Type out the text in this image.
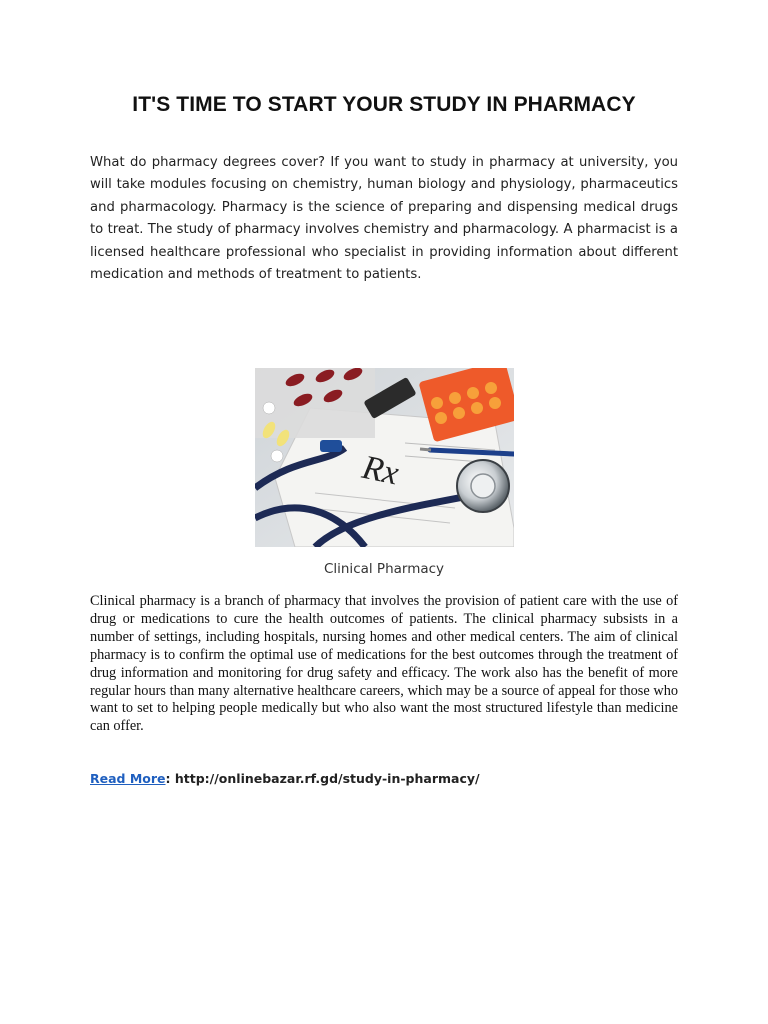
IT'S TIME TO START YOUR STUDY IN PHARMACY

What do pharmacy degrees cover? If you want to study in pharmacy at university, you will take modules focusing on chemistry, human biology and physiology, pharmaceutics and pharmacology. Pharmacy is the science of preparing and dispensing medical drugs to treat. The study of pharmacy involves chemistry and pharmacology. A pharmacist is a licensed healthcare professional who specialist in providing information about different medication and methods of treatment to patients.

Rx

Clinical Pharmacy

Clinical pharmacy is a branch of pharmacy that involves the provision of patient care with the use of drug or medications to cure the health outcomes of patients. The clinical pharmacy subsists in a number of settings, including hospitals, nursing homes and other medical centers. The aim of clinical pharmacy is to confirm the optimal use of medications for the best outcomes through the treatment of drug information and monitoring for drug safety and efficacy. The work also has the benefit of more regular hours than many alternative healthcare careers, which may be a source of appeal for those who want to set to helping people medically but who also want the most structured lifestyle than medicine can offer.

Read More: http://onlinebazar.rf.gd/study-in-pharmacy/
